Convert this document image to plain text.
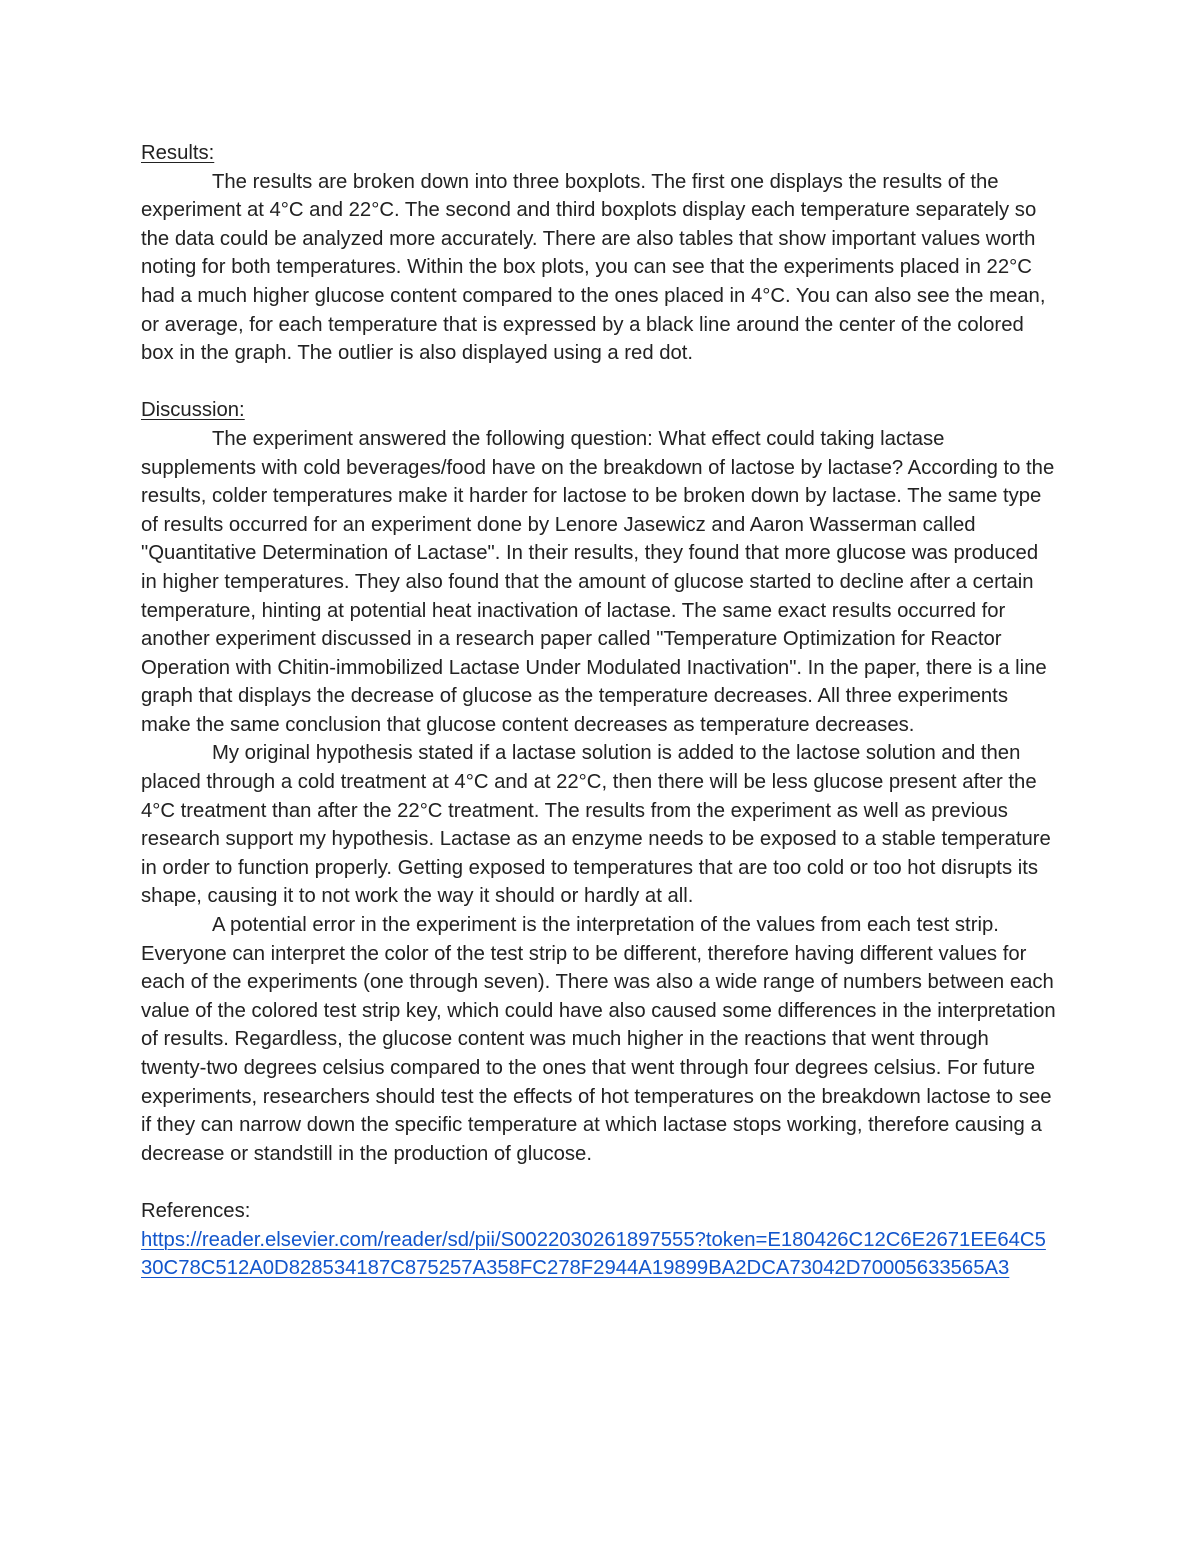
Results:

The results are broken down into three boxplots. The first one displays the results of the experiment at 4°C and 22°C. The second and third boxplots display each temperature separately so the data could be analyzed more accurately. There are also tables that show important values worth noting for both temperatures. Within the box plots, you can see that the experiments placed in 22°C had a much higher glucose content compared to the ones placed in 4°C. You can also see the mean, or average, for each temperature that is expressed by a black line around the center of the colored box in the graph. The outlier is also displayed using a red dot.

Discussion:

The experiment answered the following question: What effect could taking lactase supplements with cold beverages/food have on the breakdown of lactose by lactase? According to the results, colder temperatures make it harder for lactose to be broken down by lactase. The same type of results occurred for an experiment done by Lenore Jasewicz and Aaron Wasserman called "Quantitative Determination of Lactase". In their results, they found that more glucose was produced in higher temperatures. They also found that the amount of glucose started to decline after a certain temperature, hinting at potential heat inactivation of lactase. The same exact results occurred for another experiment discussed in a research paper called "Temperature Optimization for Reactor Operation with Chitin-immobilized Lactase Under Modulated Inactivation". In the paper, there is a line graph that displays the decrease of glucose as the temperature decreases. All three experiments make the same conclusion that glucose content decreases as temperature decreases.

My original hypothesis stated if a lactase solution is added to the lactose solution and then placed through a cold treatment at 4°C and at 22°C, then there will be less glucose present after the 4°C treatment than after the 22°C treatment. The results from the experiment as well as previous research support my hypothesis. Lactase as an enzyme needs to be exposed to a stable temperature in order to function properly. Getting exposed to temperatures that are too cold or too hot disrupts its shape, causing it to not work the way it should or hardly at all.

A potential error in the experiment is the interpretation of the values from each test strip. Everyone can interpret the color of the test strip to be different, therefore having different values for each of the experiments (one through seven). There was also a wide range of numbers between each value of the colored test strip key, which could have also caused some differences in the interpretation of results. Regardless, the glucose content was much higher in the reactions that went through twenty-two degrees celsius compared to the ones that went through four degrees celsius. For future experiments, researchers should test the effects of hot temperatures on the breakdown lactose to see if they can narrow down the specific temperature at which lactase stops working, therefore causing a decrease or standstill in the production of glucose.

References:

https://reader.elsevier.com/reader/sd/pii/S0022030261897555?token=E180426C12C6E2671EE64C530C78C512A0D828534187C875257A358FC278F2944A19899BA2DCA73042D70005633565A3
